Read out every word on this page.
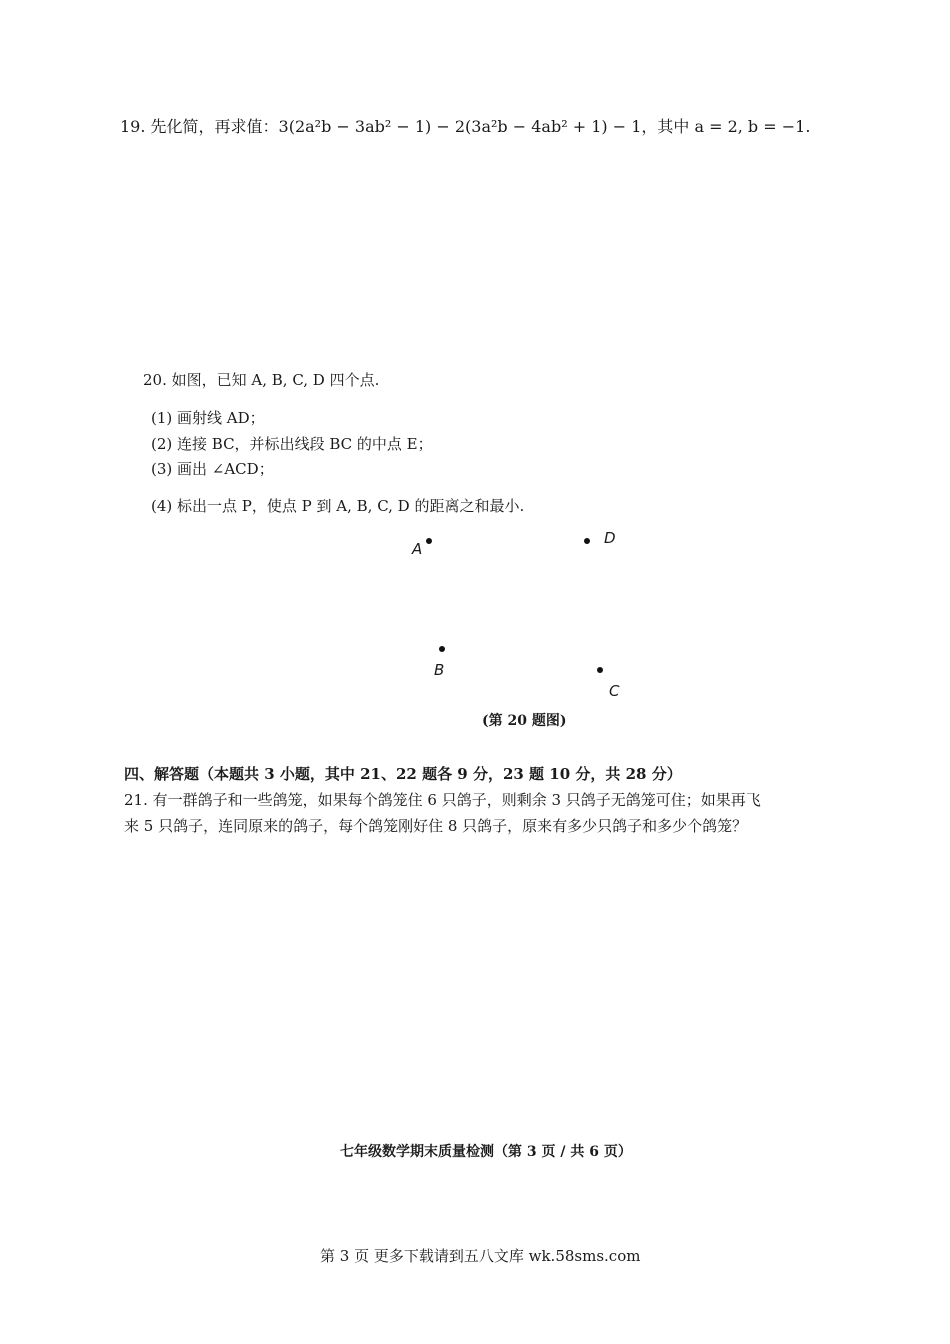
19. 先化简，再求值：3(2a²b − 3ab² − 1) − 2(3a²b − 4ab² + 1) − 1，其中 a = 2, b = −1.
20. 如图，已知 A, B, C, D 四个点.
(1) 画射线 AD；
(2) 连接 BC，并标出线段 BC 的中点 E；
(3) 画出 ∠ACD；
(4) 标出一点 P，使点 P 到 A, B, C, D 的距离之和最小.
A
D
B
C
(第 20 题图)
四、解答题（本题共 3 小题，其中 21、22 题各 9 分，23 题 10 分，共 28 分）
21. 有一群鸽子和一些鸽笼，如果每个鸽笼住 6 只鸽子，则剩余 3 只鸽子无鸽笼可住；如果再飞
来 5 只鸽子，连同原来的鸽子，每个鸽笼刚好住 8 只鸽子，原来有多少只鸽子和多少个鸽笼？
七年级数学期末质量检测（第 3 页 / 共 6 页）
第 3 页 更多下载请到五八文库 wk.58sms.com
